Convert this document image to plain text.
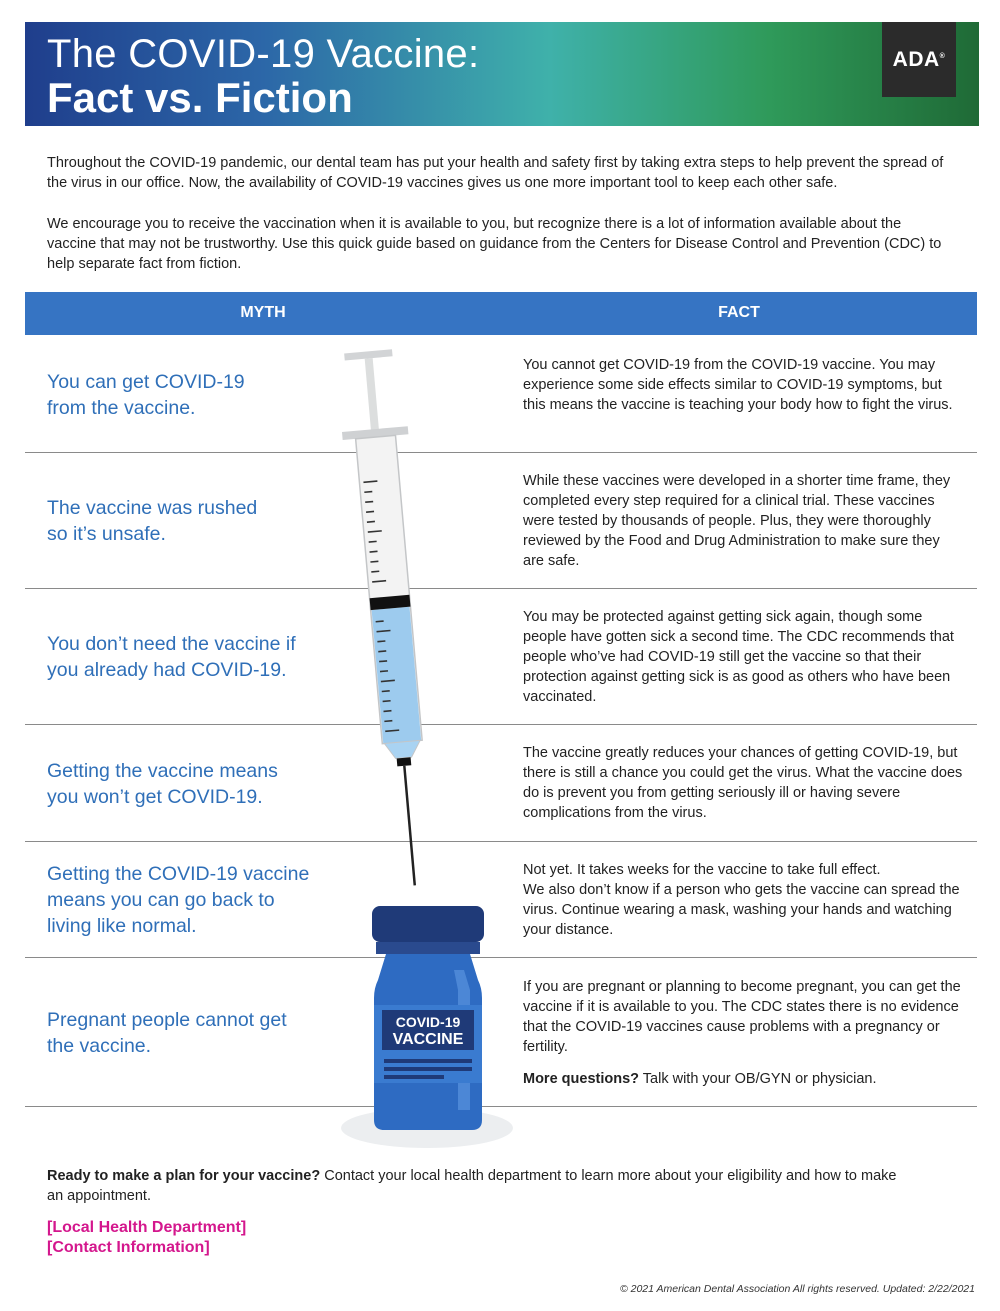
The COVID-19 Vaccine:
Fact vs. Fiction
ADA®
Throughout the COVID-19 pandemic, our dental team has put your health and safety first by taking extra steps to help prevent the spread of the virus in our office. Now, the availability of COVID-19 vaccines gives us one more important tool to keep each other safe.
We encourage you to receive the vaccination when it is available to you, but recognize there is a lot of information available about the vaccine that may not be trustworthy. Use this quick guide based on guidance from the Centers for Disease Control and Prevention (CDC) to help separate fact from fiction.
MYTH	FACT
You can get COVID-19
from the vaccine.
You cannot get COVID-19 from the COVID-19 vaccine. You may experience some side effects similar to COVID-19 symptoms, but this means the vaccine is teaching your body how to fight the virus.
The vaccine was rushed
so it’s unsafe.
While these vaccines were developed in a shorter time frame, they completed every step required for a clinical trial. These vaccines were tested by thousands of people. Plus, they were thoroughly reviewed by the Food and Drug Administration to make sure they are safe.
You don’t need the vaccine if
you already had COVID-19.
You may be protected against getting sick again, though some people have gotten sick a second time. The CDC recommends that people who’ve had COVID-19 still get the vaccine so that their protection against getting sick is as good as others who have been vaccinated.
Getting the vaccine means
you won’t get COVID-19.
The vaccine greatly reduces your chances of getting COVID-19, but there is still a chance you could get the virus. What the vaccine does do is prevent you from getting seriously ill or having severe complications from the virus.
Getting the COVID-19 vaccine
means you can go back to
living like normal.
Not yet. It takes weeks for the vaccine to take full effect.
We also don’t know if a person who gets the vaccine can spread the virus. Continue wearing a mask, washing your hands and watching your distance.
Pregnant people cannot get
the vaccine.
If you are pregnant or planning to become pregnant, you can get the vaccine if it is available to you. The CDC states there is no evidence that the COVID-19 vaccines cause problems with a pregnancy or fertility.
More questions? Talk with your OB/GYN or physician.
COVID-19
VACCINE
Ready to make a plan for your vaccine? Contact your local health department to learn more about your eligibility and how to make an appointment.
[Local Health Department]
[Contact Information]
© 2021 American Dental Association All rights reserved. Updated: 2/22/2021
